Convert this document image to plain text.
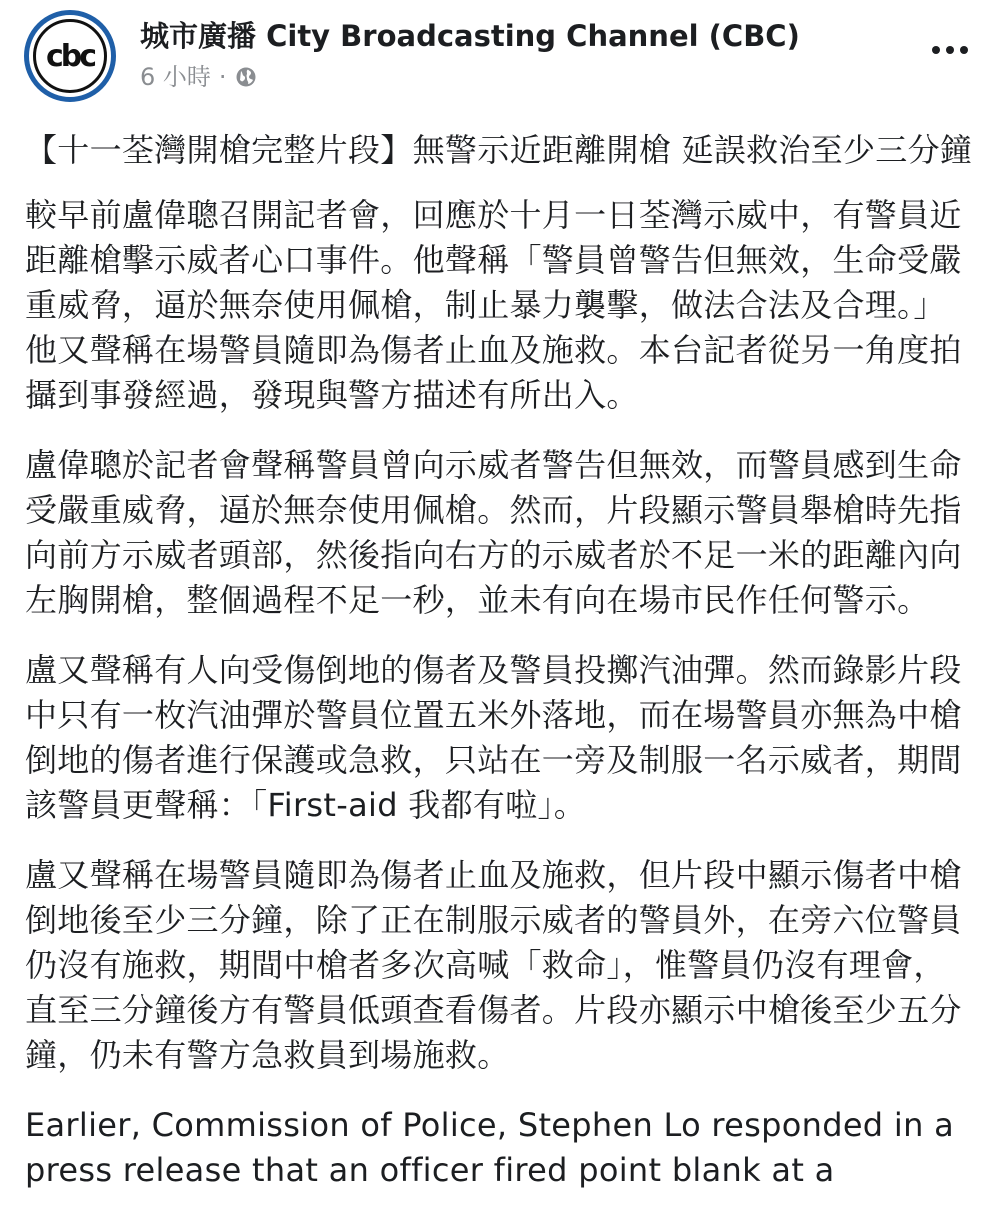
cbc
城市廣播 City Broadcasting Channel (CBC)
6 小時 ·

【十一荃灣開槍完整片段】無警示近距離開槍 延誤救治至少三分鐘

較早前盧偉聰召開記者會，回應於十月一日荃灣示威中，有警員近距離槍擊示威者心口事件。他聲稱「警員曾警告但無效，生命受嚴重威脅，逼於無奈使用佩槍，制止暴力襲擊，做法合法及合理。」他又聲稱在場警員隨即為傷者止血及施救。本台記者從另一角度拍攝到事發經過，發現與警方描述有所出入。

盧偉聰於記者會聲稱警員曾向示威者警告但無效，而警員感到生命受嚴重威脅，逼於無奈使用佩槍。然而，片段顯示警員舉槍時先指向前方示威者頭部，然後指向右方的示威者於不足一米的距離內向左胸開槍，整個過程不足一秒，並未有向在場市民作任何警示。

盧又聲稱有人向受傷倒地的傷者及警員投擲汽油彈。然而錄影片段中只有一枚汽油彈於警員位置五米外落地，而在場警員亦無為中槍倒地的傷者進行保護或急救，只站在一旁及制服一名示威者，期間該警員更聲稱：「First-aid 我都有啦」。

盧又聲稱在場警員隨即為傷者止血及施救，但片段中顯示傷者中槍倒地後至少三分鐘，除了正在制服示威者的警員外，在旁六位警員仍沒有施救，期間中槍者多次高喊「救命」，惟警員仍沒有理會，直至三分鐘後方有警員低頭查看傷者。片段亦顯示中槍後至少五分鐘，仍未有警方急救員到場施救。

Earlier, Commission of Police, Stephen Lo responded in a press release that an officer fired point blank at a
